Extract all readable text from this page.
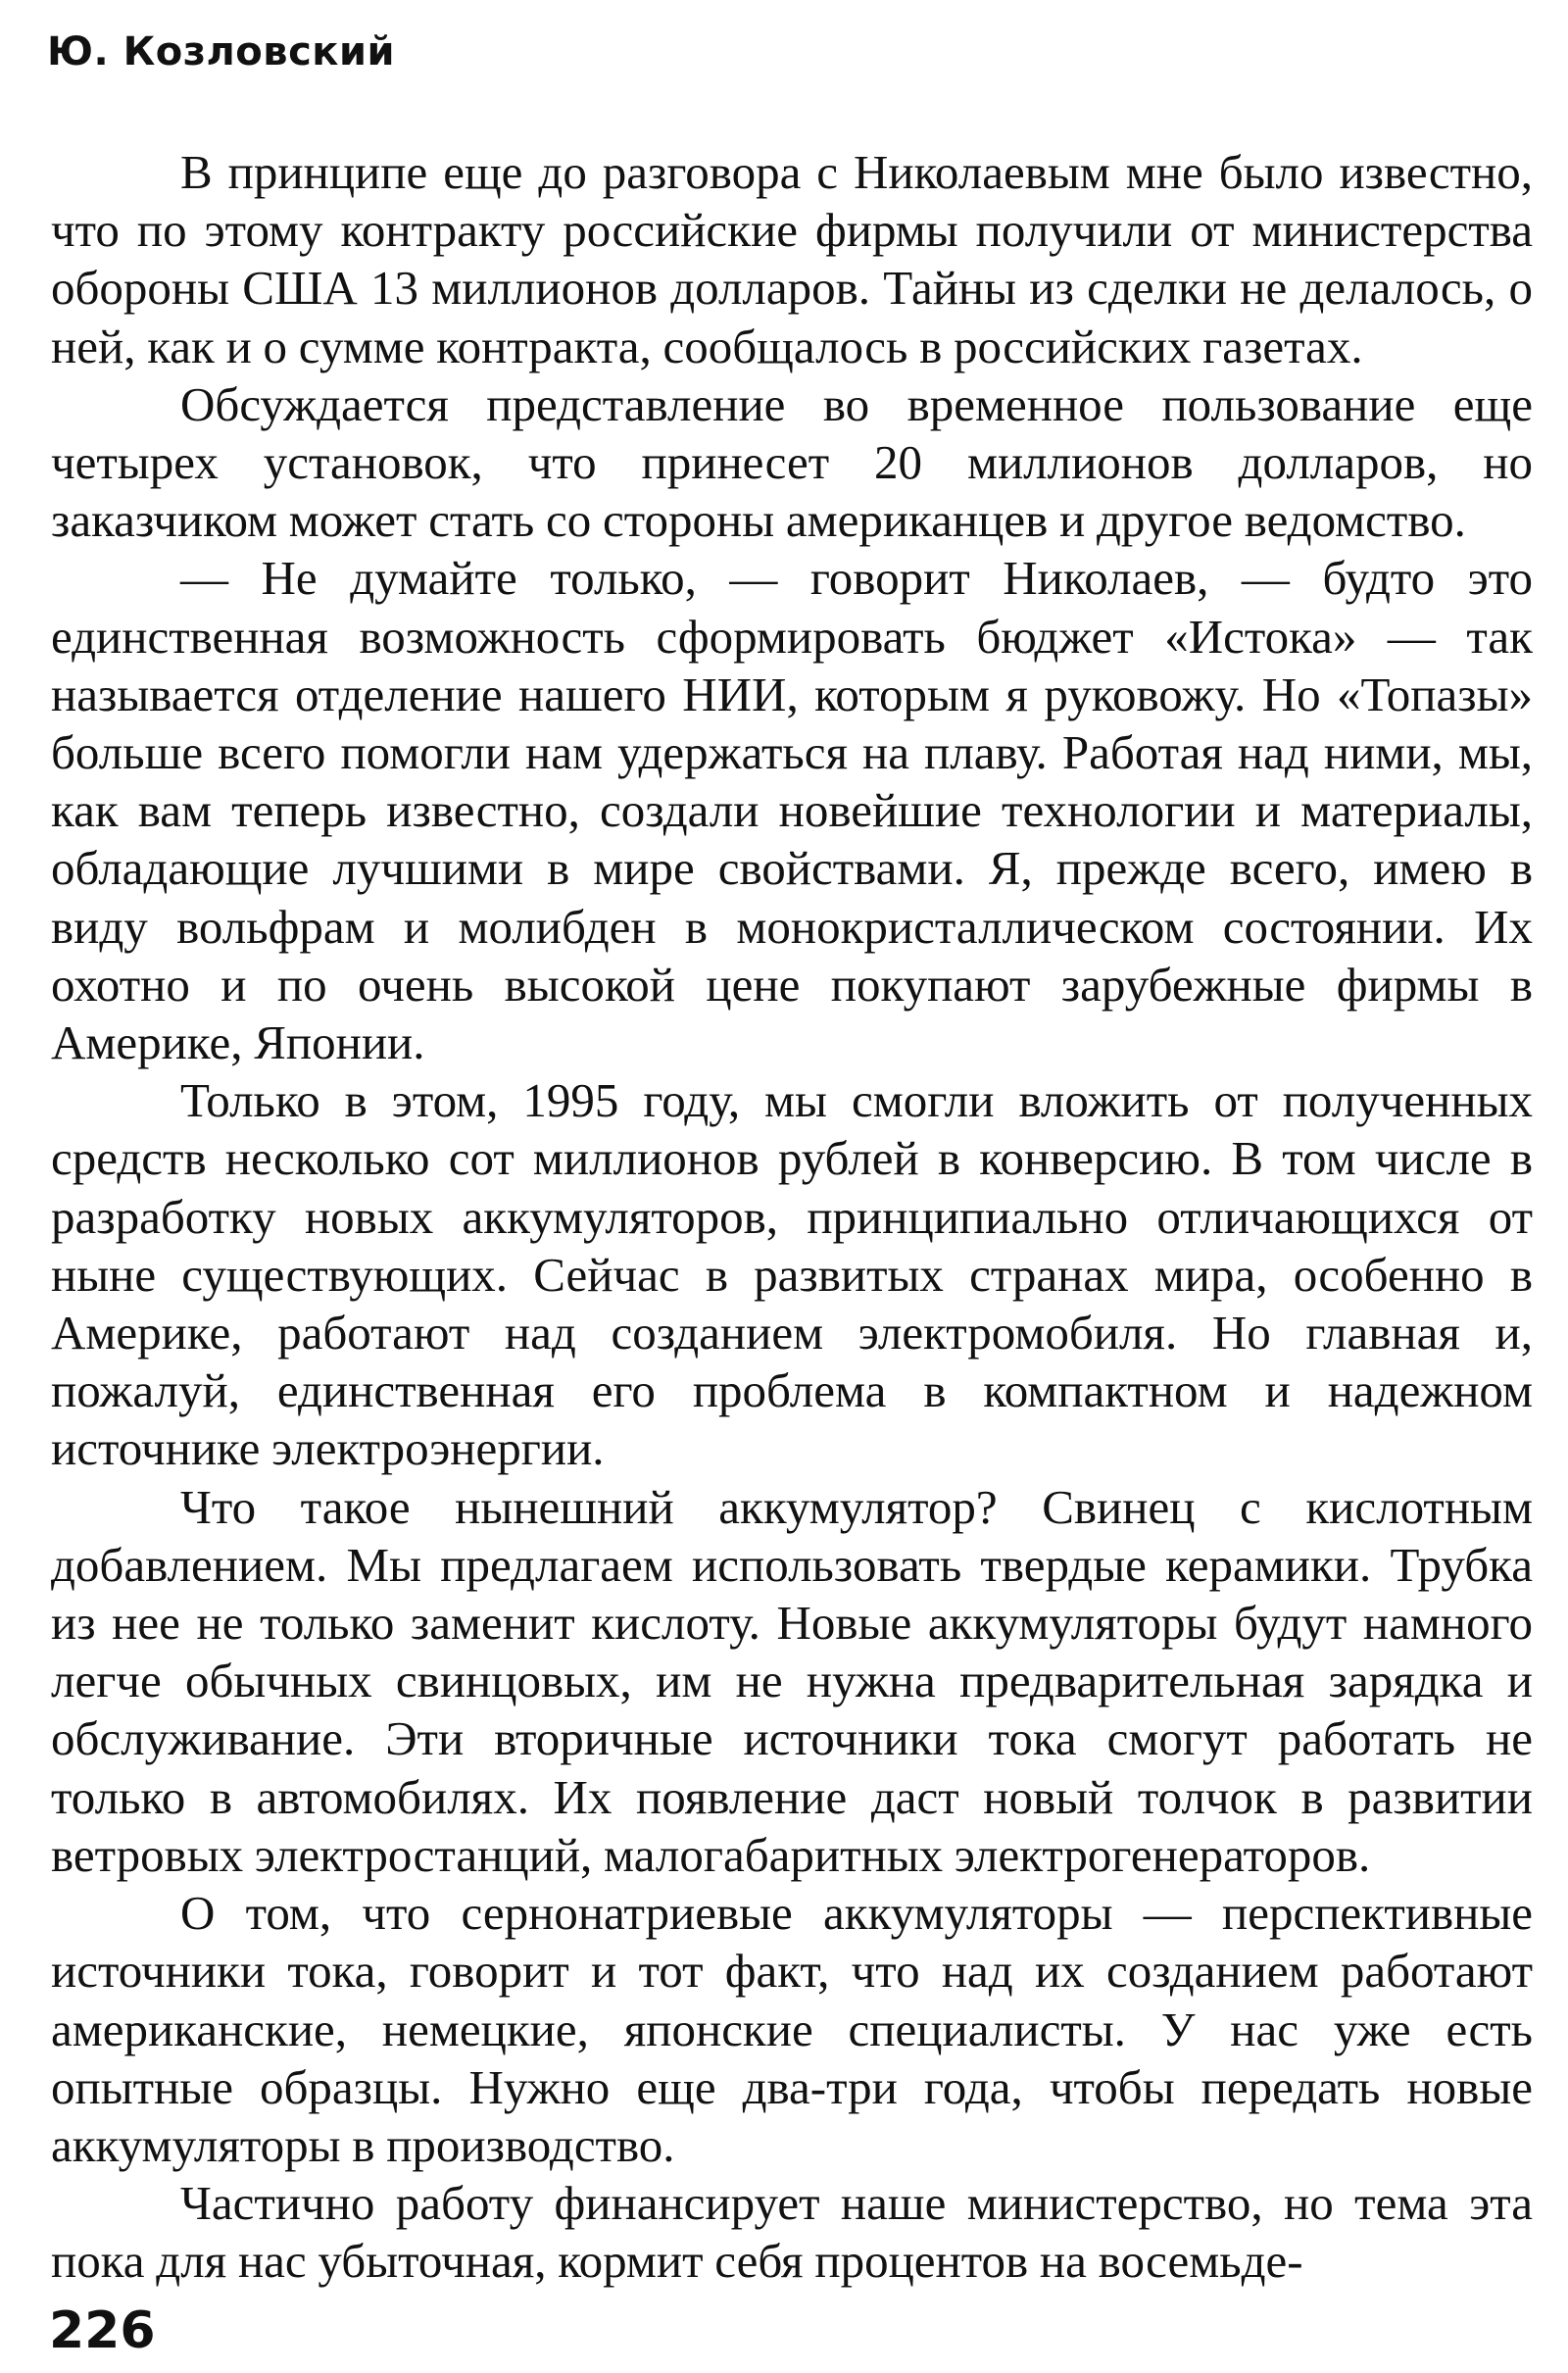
Ю. Козловский

В принципе еще до разговора с Николаевым мне было известно, что по этому контракту российские фирмы получили от министерства обороны США 13 миллионов долларов. Тайны из сделки не делалось, о ней, как и о сумме контракта, сообщалось в российских газетах.

Обсуждается представление во временное пользование еще четырех установок, что принесет 20 миллионов долларов, но заказчиком может стать со стороны американцев и другое ведомство.

— Не думайте только, — говорит Николаев, — будто это единственная возможность сформировать бюджет «Истока» — так называется отделение нашего НИИ, которым я руковожу. Но «Топазы» больше всего помогли нам удержаться на плаву. Работая над ними, мы, как вам теперь известно, создали новейшие технологии и материалы, обладающие лучшими в мире свойствами. Я, прежде всего, имею в виду вольфрам и молибден в монокристаллическом состоянии. Их охотно и по очень высокой цене покупают зарубежные фирмы в Америке, Японии.

Только в этом, 1995 году, мы смогли вложить от полученных средств несколько сот миллионов рублей в конверсию. В том числе в разработку новых аккумуляторов, принципиально отличающихся от ныне существующих. Сейчас в развитых странах мира, особенно в Америке, работают над созданием электромобиля. Но главная и, пожалуй, единственная его проблема в компактном и надежном источнике электроэнергии.

Что такое нынешний аккумулятор? Свинец с кислотным добавлением. Мы предлагаем использовать твердые керамики. Трубка из нее не только заменит кислоту. Новые аккумуляторы будут намного легче обычных свинцовых, им не нужна предварительная зарядка и обслуживание. Эти вторичные источники тока смогут работать не только в автомобилях. Их появление даст новый толчок в развитии ветровых электростанций, малогабаритных электрогенераторов.

О том, что сернонатриевые аккумуляторы — перспективные источники тока, говорит и тот факт, что над их созданием работают американские, немецкие, японские специалисты. У нас уже есть опытные образцы. Нужно еще два-три года, чтобы передать новые аккумуляторы в производство.

Частично работу финансирует наше министерство, но тема эта пока для нас убыточная, кормит себя процентов на восемьде-

226
